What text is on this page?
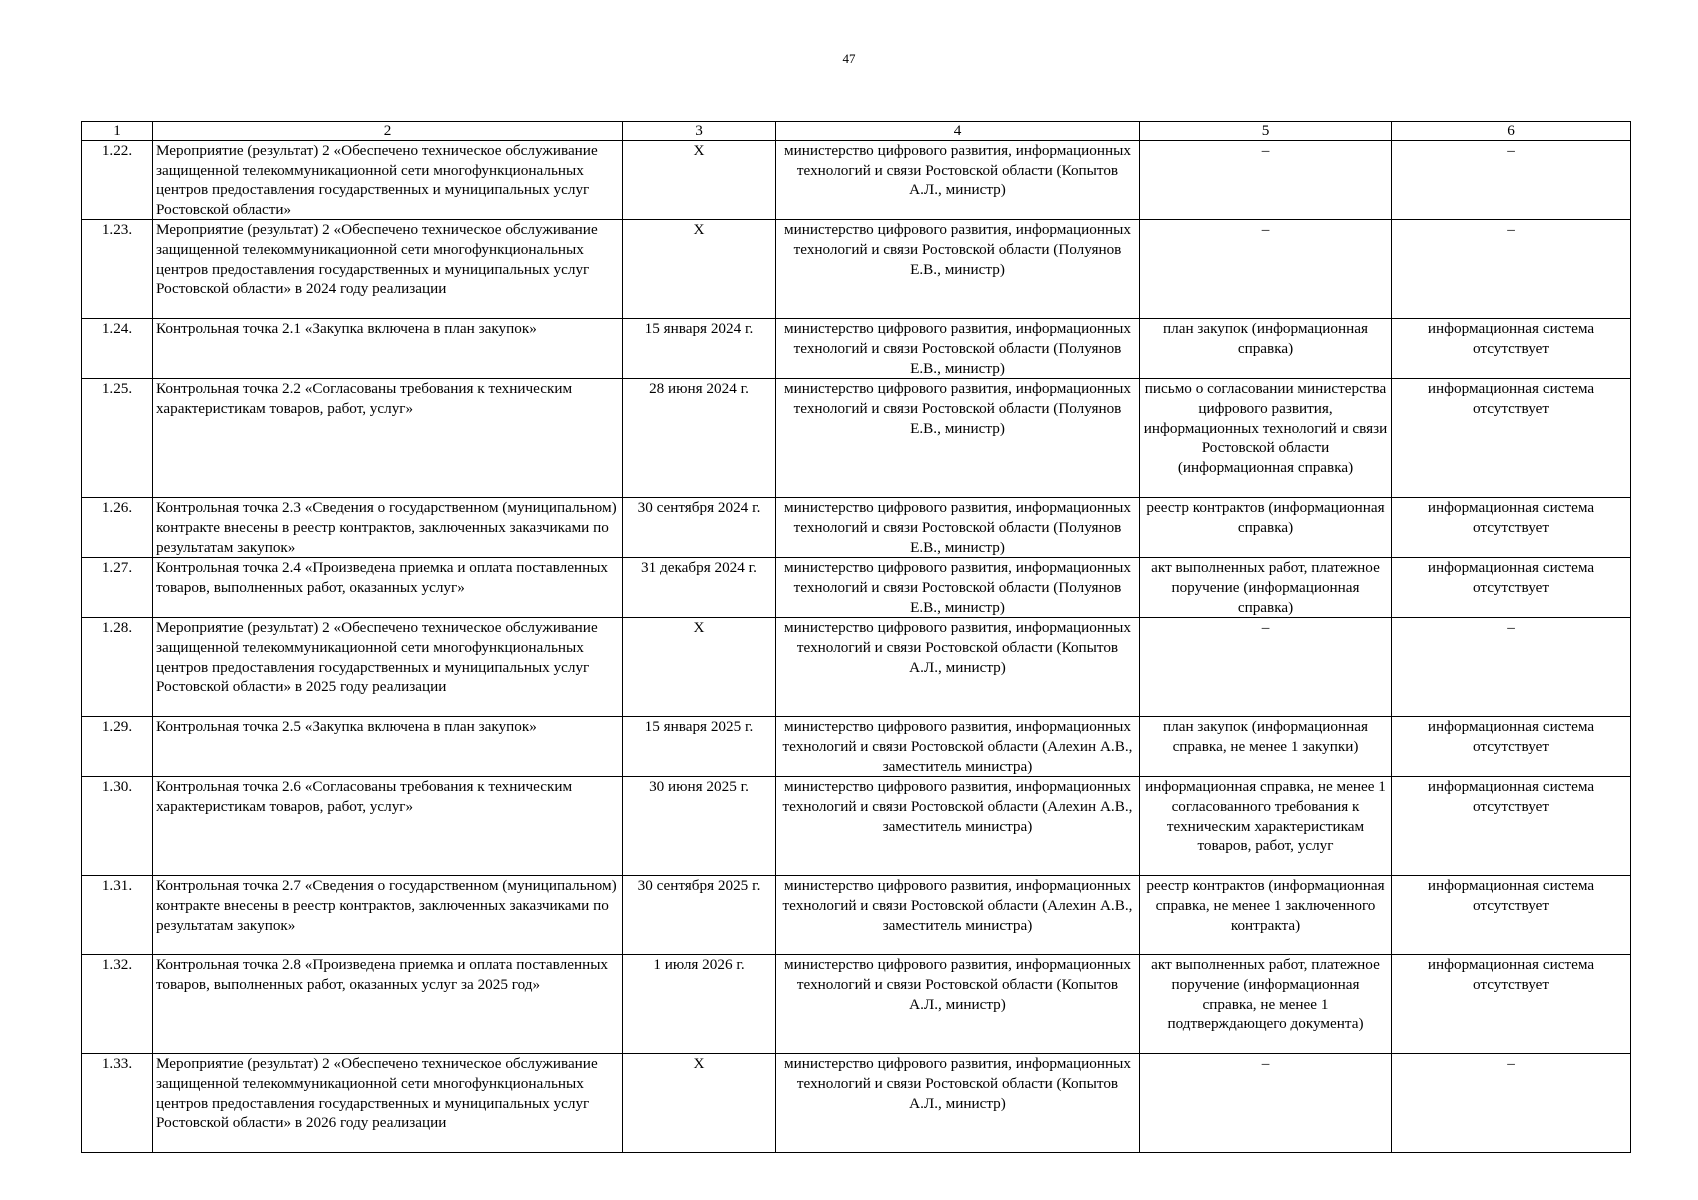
47
1	2	3	4	5	6
1.22.	Мероприятие (результат) 2 «Обеспечено техническое обслуживание защищенной телекоммуникационной сети многофункциональных центров предоставления государственных и муниципальных услуг Ростовской области»	Х	министерство цифрового развития, информационных технологий и связи Ростовской области (Копытов А.Л., министр)	–	–
1.23.	Мероприятие (результат) 2 «Обеспечено техническое обслуживание защищенной телекоммуникационной сети многофункциональных центров предоставления государственных и муниципальных услуг Ростовской области» в 2024 году реализации	Х	министерство цифрового развития, информационных технологий и связи Ростовской области (Полуянов Е.В., министр)	–	–
1.24.	Контрольная точка 2.1 «Закупка включена в план закупок»	15 января 2024 г.	министерство цифрового развития, информационных технологий и связи Ростовской области (Полуянов Е.В., министр)	план закупок (информационная справка)	информационная система отсутствует
1.25.	Контрольная точка 2.2 «Согласованы требования к техническим характеристикам товаров, работ, услуг»	28 июня 2024 г.	министерство цифрового развития, информационных технологий и связи Ростовской области (Полуянов Е.В., министр)	письмо о согласовании министерства цифрового развития, информационных технологий и связи Ростовской области (информационная справка)	информационная система отсутствует
1.26.	Контрольная точка 2.3 «Сведения о государственном (муниципальном) контракте внесены в реестр контрактов, заключенных заказчиками по результатам закупок»	30 сентября 2024 г.	министерство цифрового развития, информационных технологий и связи Ростовской области (Полуянов Е.В., министр)	реестр контрактов (информационная справка)	информационная система отсутствует
1.27.	Контрольная точка 2.4 «Произведена приемка и оплата поставленных товаров, выполненных работ, оказанных услуг»	31 декабря 2024 г.	министерство цифрового развития, информационных технологий и связи Ростовской области (Полуянов Е.В., министр)	акт выполненных работ, платежное поручение (информационная справка)	информационная система отсутствует
1.28.	Мероприятие (результат) 2 «Обеспечено техническое обслуживание защищенной телекоммуникационной сети многофункциональных центров предоставления государственных и муниципальных услуг Ростовской области» в 2025 году реализации	Х	министерство цифрового развития, информационных технологий и связи Ростовской области (Копытов А.Л., министр)	–	–
1.29.	Контрольная точка 2.5 «Закупка включена в план закупок»	15 января 2025 г.	министерство цифрового развития, информационных технологий и связи Ростовской области (Алехин А.В., заместитель министра)	план закупок (информационная справка, не менее 1 закупки)	информационная система отсутствует
1.30.	Контрольная точка 2.6 «Согласованы требования к техническим характеристикам товаров, работ, услуг»	30 июня 2025 г.	министерство цифрового развития, информационных технологий и связи Ростовской области (Алехин А.В., заместитель министра)	информационная справка, не менее 1 согласованного требования к техническим характеристикам товаров, работ, услуг	информационная система отсутствует
1.31.	Контрольная точка 2.7 «Сведения о государственном (муниципальном) контракте внесены в реестр контрактов, заключенных заказчиками по результатам закупок»	30 сентября 2025 г.	министерство цифрового развития, информационных технологий и связи Ростовской области (Алехин А.В., заместитель министра)	реестр контрактов (информационная справка, не менее 1 заключенного контракта)	информационная система отсутствует
1.32.	Контрольная точка 2.8 «Произведена приемка и оплата поставленных товаров, выполненных работ, оказанных услуг за 2025 год»	1 июля 2026 г.	министерство цифрового развития, информационных технологий и связи Ростовской области (Копытов А.Л., министр)	акт выполненных работ, платежное поручение (информационная справка, не менее 1 подтверждающего документа)	информационная система отсутствует
1.33.	Мероприятие (результат) 2 «Обеспечено техническое обслуживание защищенной телекоммуникационной сети многофункциональных центров предоставления государственных и муниципальных услуг Ростовской области» в 2026 году реализации	Х	министерство цифрового развития, информационных технологий и связи Ростовской области (Копытов А.Л., министр)	–	–
